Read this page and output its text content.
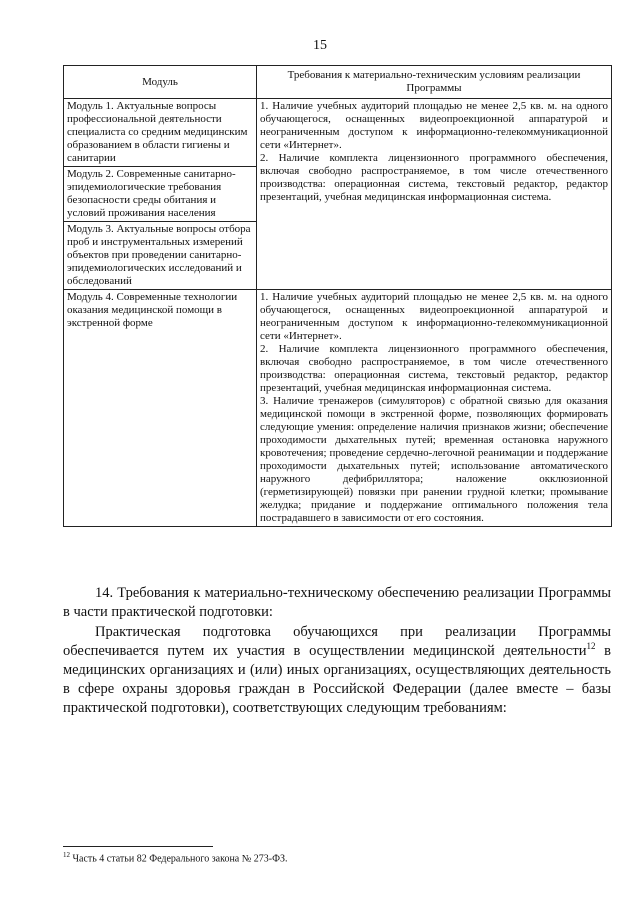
15
Модуль	Требования к материально-техническим условиям реализации Программы
Модуль 1. Актуальные вопросы профессиональной деятельности специалиста со средним медицинским образованием в области гигиены и санитарии	1. Наличие учебных аудиторий площадью не менее 2,5 кв. м. на одного обучающегося, оснащенных видеопроекционной аппаратурой и неограниченным доступом к информационно-телекоммуникационной сети «Интернет».

2. Наличие комплекта лицензионного программного обеспечения, включая свободно распространяемое, в том числе отечественного производства: операционная система, текстовый редактор, редактор презентаций, учебная медицинская информационная система.

Модуль 2. Современные санитарно-эпидемиологические требования безопасности среды обитания и условий проживания населения	
Модуль 3. Актуальные вопросы отбора проб и инструментальных измерений объектов при проведении санитарно-эпидемиологических исследований и обследований	
Модуль 4. Современные технологии оказания медицинской помощи в экстренной форме	1. Наличие учебных аудиторий площадью не менее 2,5 кв. м. на одного обучающегося, оснащенных видеопроекционной аппаратурой и неограниченным доступом к информационно-телекоммуникационной сети «Интернет».

2. Наличие комплекта лицензионного программного обеспечения, включая свободно распространяемое, в том числе отечественного производства: операционная система, текстовый редактор, редактор презентаций, учебная медицинская информационная система.

3. Наличие тренажеров (симуляторов) с обратной связью для оказания медицинской помощи в экстренной форме, позволяющих формировать следующие умения: определение наличия признаков жизни; обеспечение проходимости дыхательных путей; временная остановка наружного кровотечения; проведение сердечно-легочной реанимации и поддержание проходимости дыхательных путей; использование автоматического наружного дефибриллятора; наложение окклюзионной (герметизирующей) повязки при ранении грудной клетки; промывание желудка; придание и поддержание оптимального положения тела пострадавшего в зависимости от его состояния.

14. Требования к материально-техническому обеспечению реализации Программы в части практической подготовки:
Практическая подготовка обучающихся при реализации Программы обеспечивается путем их участия в осуществлении медицинской деятельности$^{12}$ в медицинских организациях и (или) иных организациях, осуществляющих деятельность в сфере охраны здоровья граждан в Российской Федерации (далее вместе – базы практической подготовки), соответствующих следующим требованиям:
$^{12}$ Часть 4 статьи 82 Федерального закона № 273-ФЗ.
